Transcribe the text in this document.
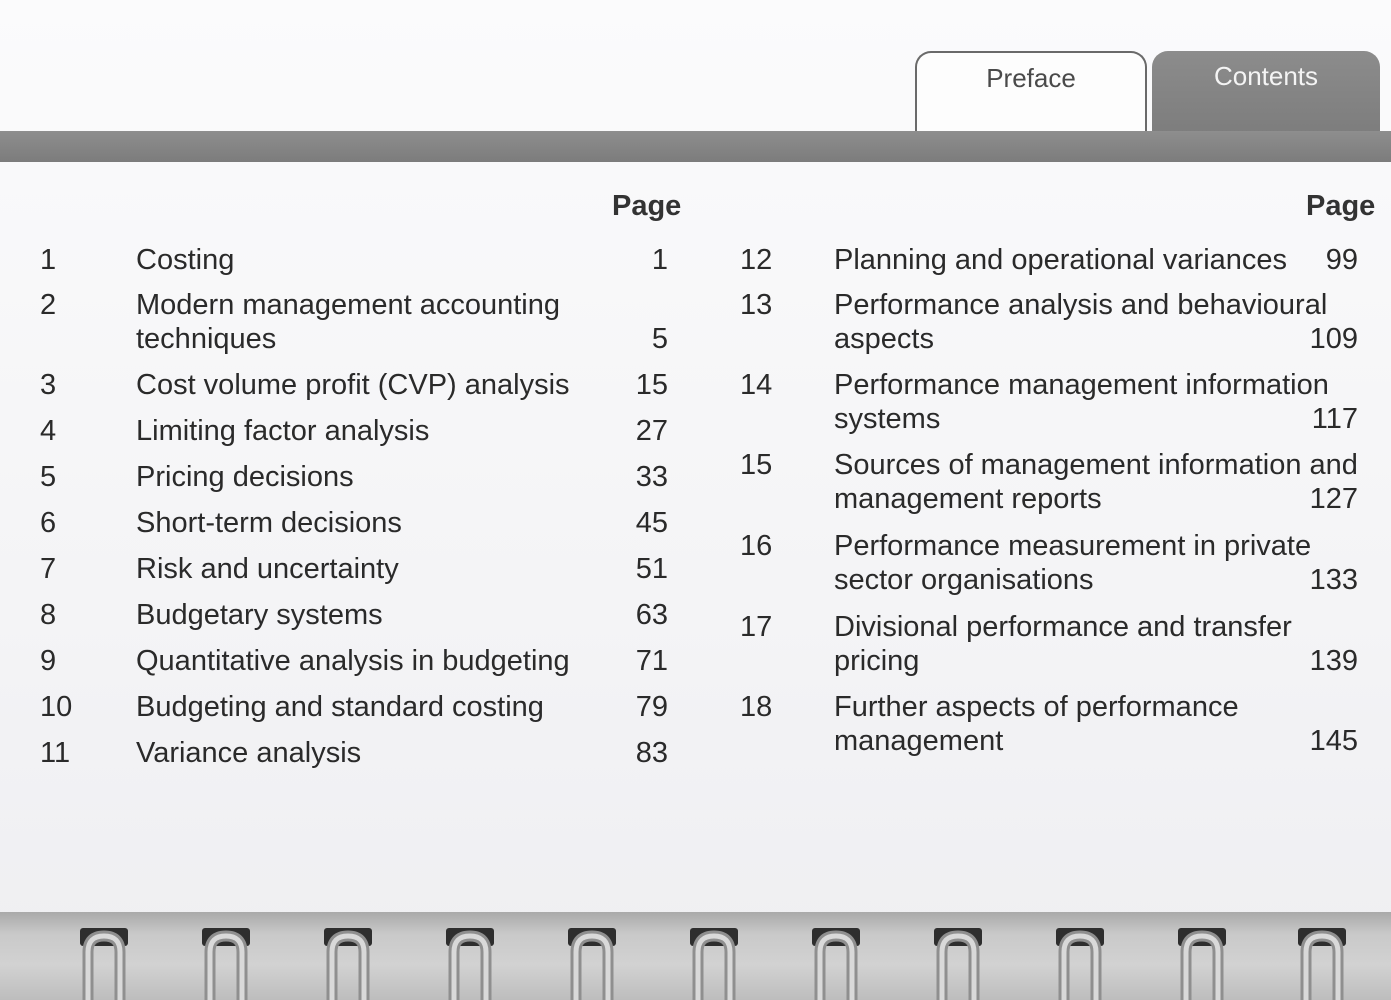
Preface	Contents
Page
1	Costing	1
2	Modern management accounting
techniques	5
3	Cost volume profit (CVP) analysis	15
4	Limiting factor analysis	27
5	Pricing decisions	33
6	Short-term decisions	45
7	Risk and uncertainty	51
8	Budgetary systems	63
9	Quantitative analysis in budgeting	71
10 Budgeting and standard costing	79
11 Variance analysis	83
Page
12 Planning and operational variances	99
13 Performance analysis and behavioural
aspects	109
14 Performance management information
systems	117
15 Sources of management information and
management reports	127
16 Performance measurement in private
sector organisations	133
17 Divisional performance and transfer
pricing	139
18 Further aspects of performance
management	145
